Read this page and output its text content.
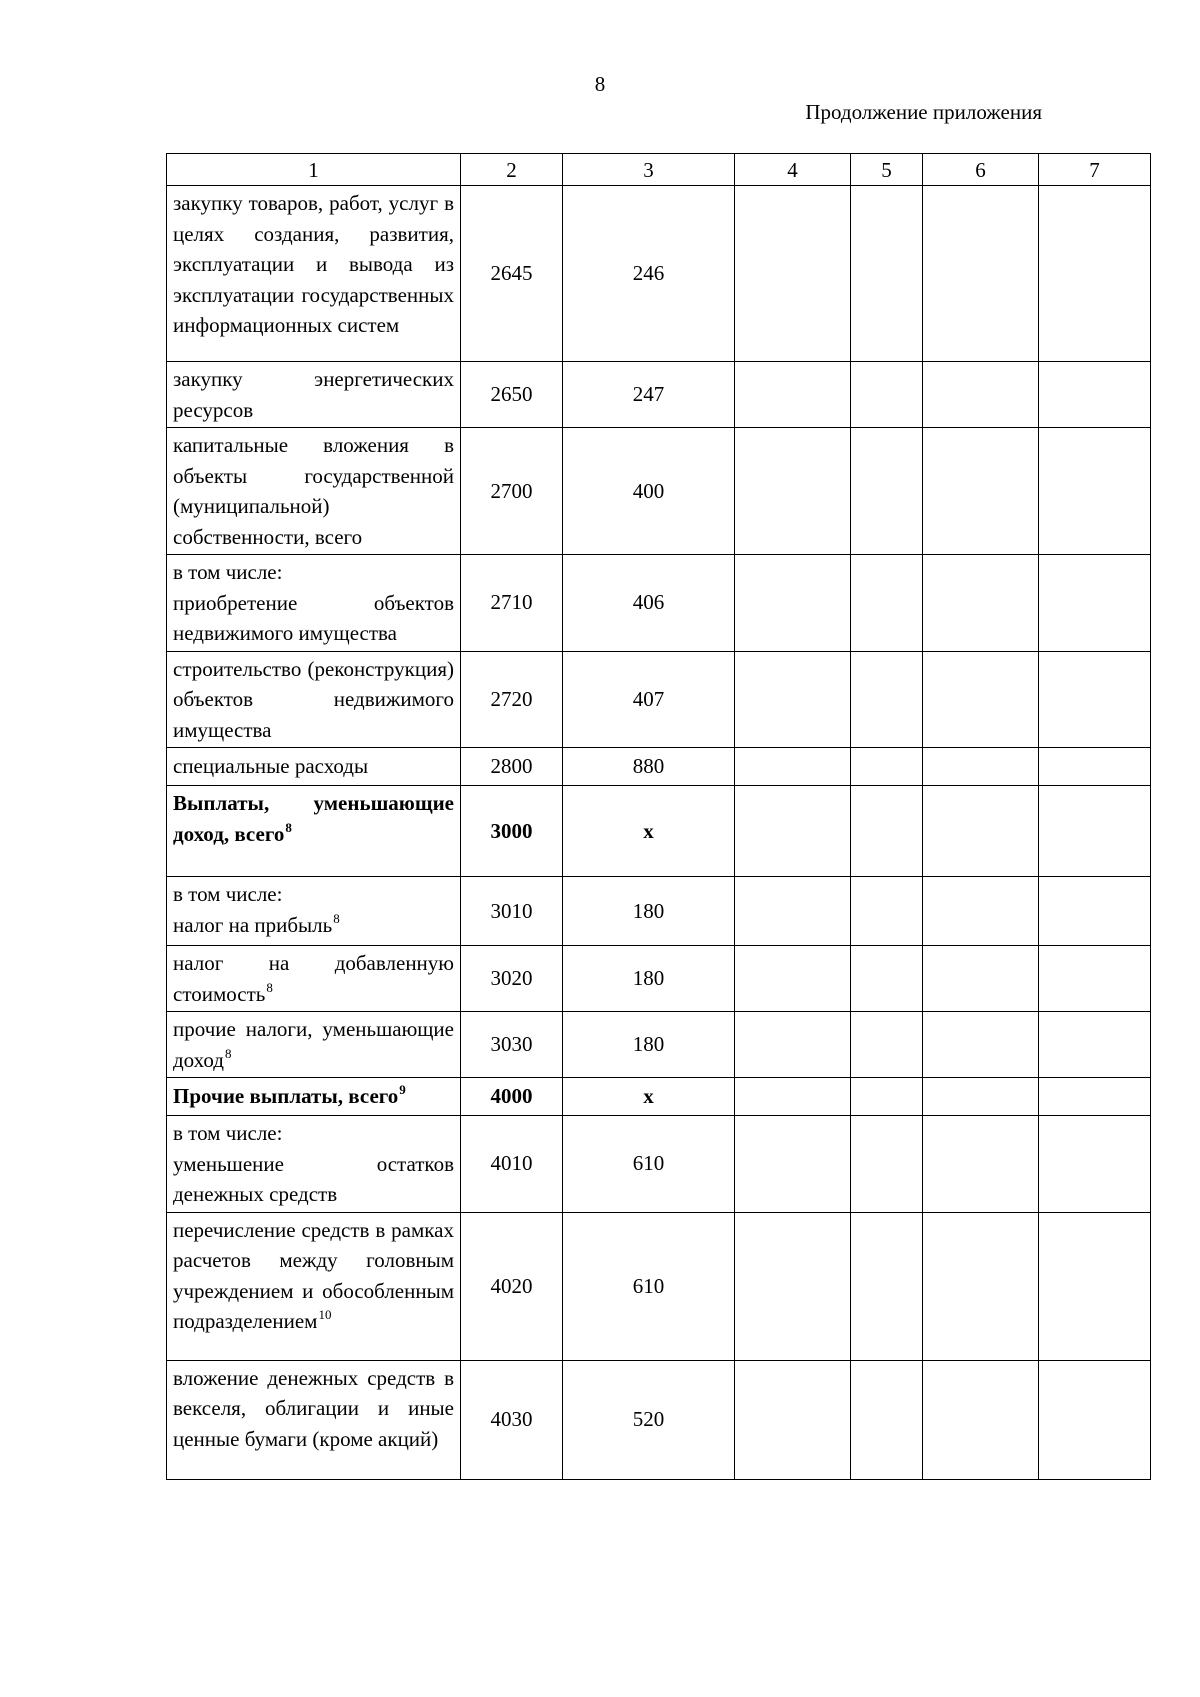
8
Продолжение приложения
1	2	3	4	5	6	7

закупку товаров, работ, услуг в целях создания, развития, эксплуатации и вывода из эксплуатации государственных информационных систем	2645	246				

закупку энергетических ресурсов	2650	247				

капитальные вложения в объекты государственной (муниципальной) собственности, всего	2700	400				

в том числе:
приобретение объектов недвижимого имущества	2710	406				

строительство (реконструкция) объектов недвижимого имущества	2720	407				

специальные расходы	2800	880				

Выплаты, уменьшающие доход, всего$^8$	3000	х				

в том числе:
налог на прибыль$^8$	3010	180				

налог на добавленную стоимость$^8$	3020	180				

прочие налоги, уменьшающие доход$^8$	3030	180				

Прочие выплаты, всего$^9$	4000	х				

в том числе:
уменьшение остатков денежных средств	4010	610				

перечисление средств в рамках расчетов между головным учреждением и обособленным подразделением$^{10}$	4020	610				

вложение денежных средств в векселя, облигации и иные ценные бумаги (кроме акций)	4030	520				
